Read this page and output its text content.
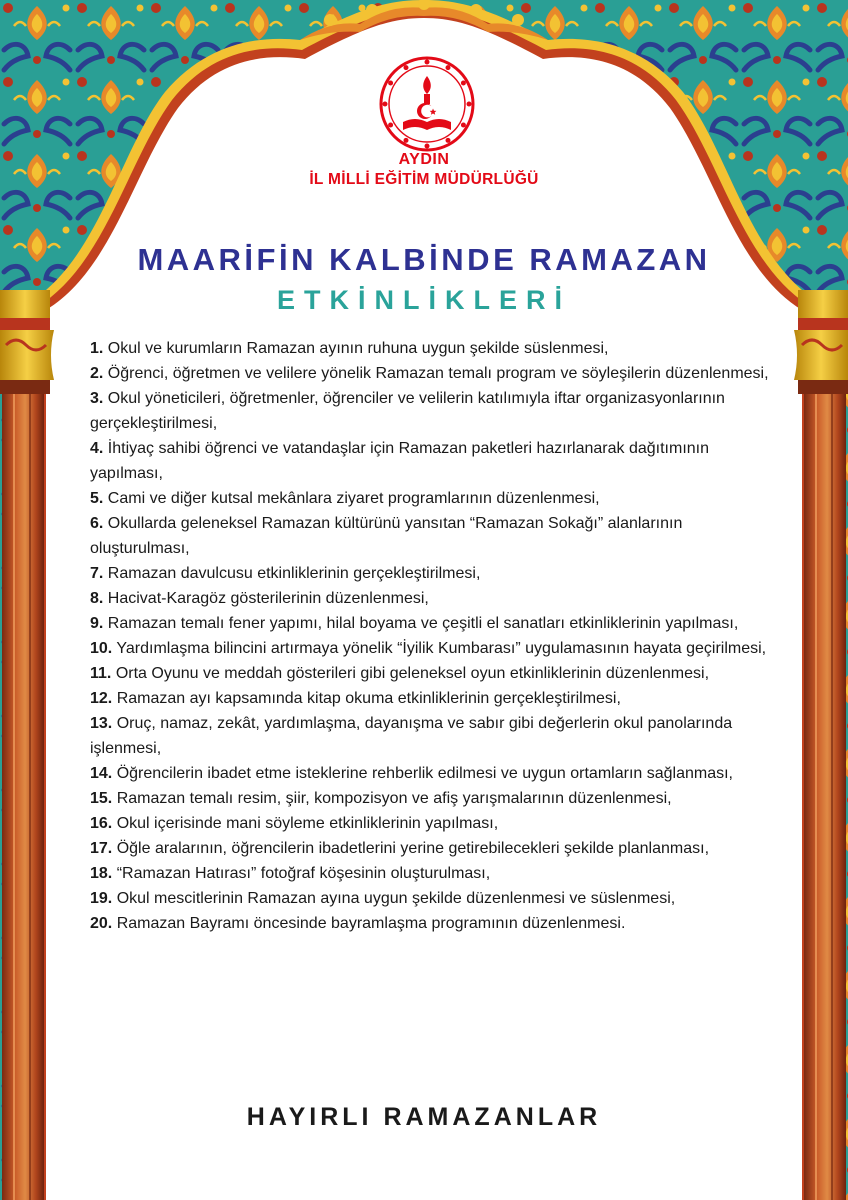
AYDIN
İL MİLLİ EĞİTİM MÜDÜRLÜĞÜ
MAARİFİN KALBİNDE RAMAZAN
ETKİNLİKLERİ
1. Okul ve kurumların Ramazan ayının ruhuna uygun şekilde süslenmesi,
2. Öğrenci, öğretmen ve velilere yönelik Ramazan temalı program ve söyleşilerin düzenlenmesi,
3. Okul yöneticileri, öğretmenler, öğrenciler ve velilerin katılımıyla iftar organizasyonlarının gerçekleştirilmesi,
4. İhtiyaç sahibi öğrenci ve vatandaşlar için Ramazan paketleri hazırlanarak dağıtımının yapılması,
5. Cami ve diğer kutsal mekânlara ziyaret programlarının düzenlenmesi,
6. Okullarda geleneksel Ramazan kültürünü yansıtan “Ramazan Sokağı” alanlarının oluşturulması,
7. Ramazan davulcusu etkinliklerinin gerçekleştirilmesi,
8. Hacivat-Karagöz gösterilerinin düzenlenmesi,
9. Ramazan temalı fener yapımı, hilal boyama ve çeşitli el sanatları etkinliklerinin yapılması,
10. Yardımlaşma bilincini artırmaya yönelik “İyilik Kumbarası” uygulamasının hayata geçirilmesi,
11. Orta Oyunu ve meddah gösterileri gibi geleneksel oyun etkinliklerinin düzenlenmesi,
12. Ramazan ayı kapsamında kitap okuma etkinliklerinin gerçekleştirilmesi,
13. Oruç, namaz, zekât, yardımlaşma, dayanışma ve sabır gibi değerlerin okul panolarında işlenmesi,
14. Öğrencilerin ibadet etme isteklerine rehberlik edilmesi ve uygun ortamların sağlanması,
15. Ramazan temalı resim, şiir, kompozisyon ve afiş yarışmalarının düzenlenmesi,
16. Okul içerisinde mani söyleme etkinliklerinin yapılması,
17. Öğle aralarının, öğrencilerin ibadetlerini yerine getirebilecekleri şekilde planlanması,
18. “Ramazan Hatırası” fotoğraf köşesinin oluşturulması,
19. Okul mescitlerinin Ramazan ayına uygun şekilde düzenlenmesi ve süslenmesi,
20. Ramazan Bayramı öncesinde bayramlaşma programının düzenlenmesi.
HAYIRLI RAMAZANLAR
